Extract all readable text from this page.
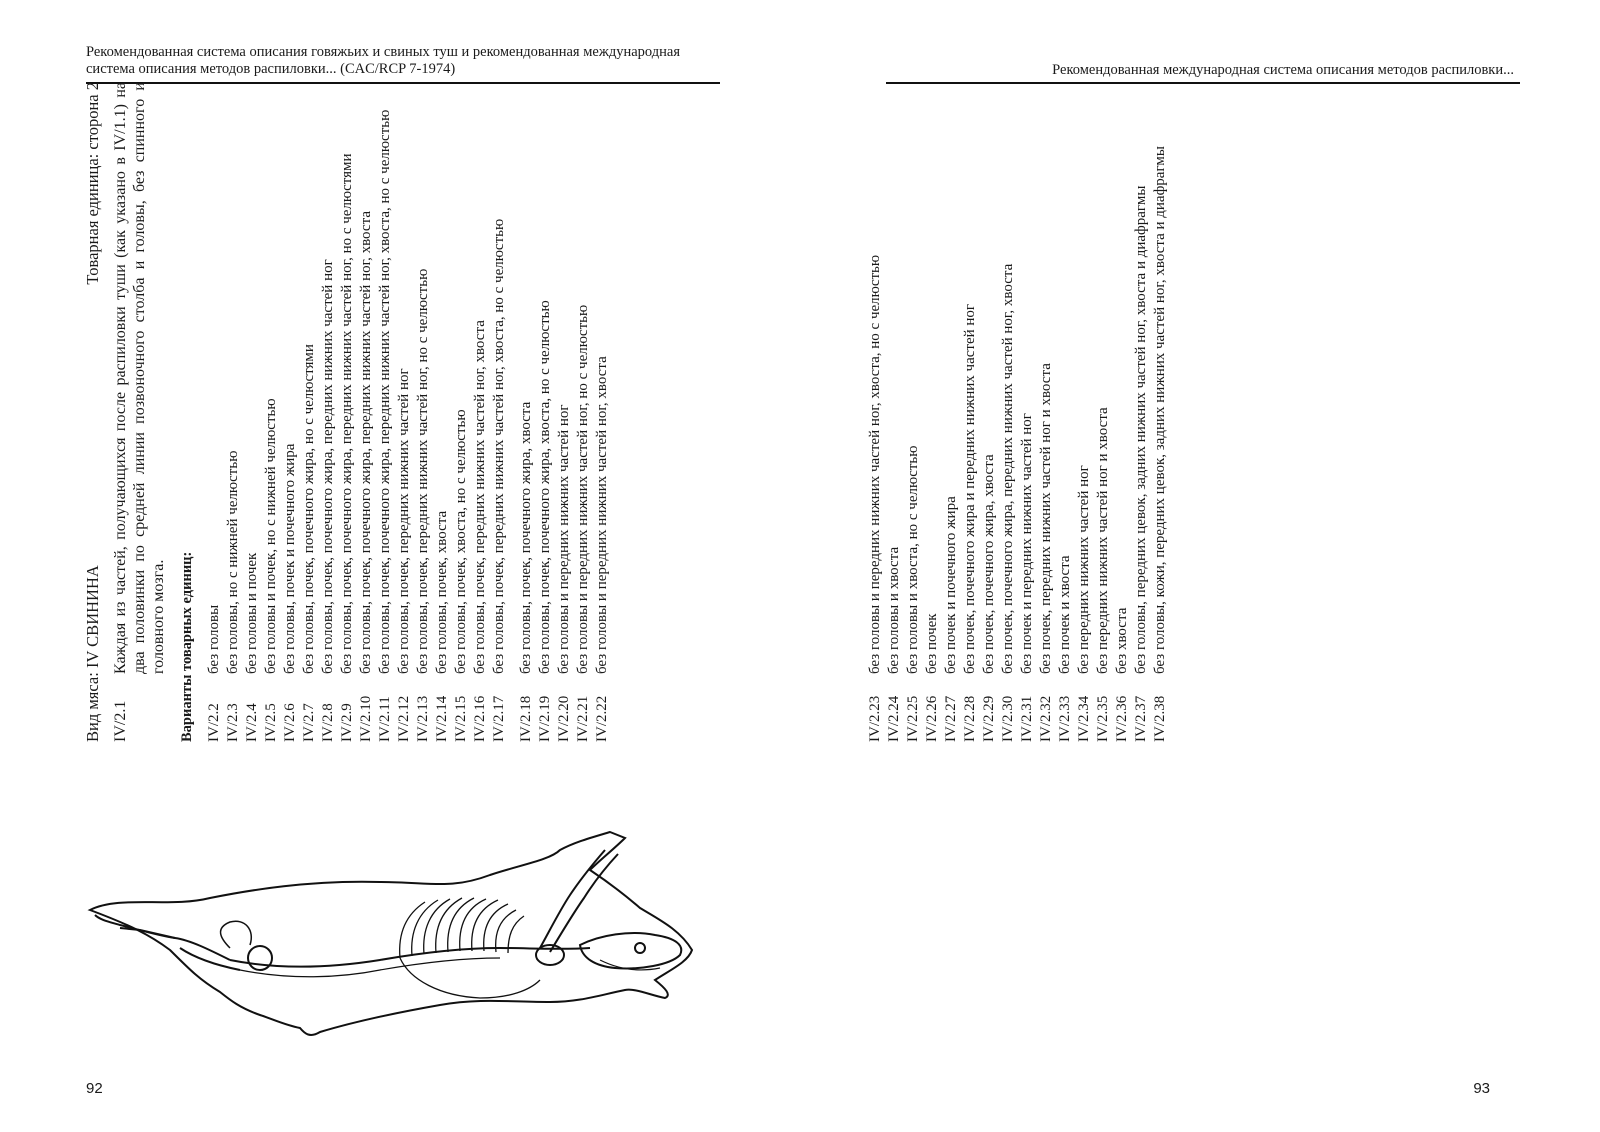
Рекомендованная система описания говяжьих и свиных туш и рекомендованная международная система описания методов распиловки... (CAC/RCP 7-1974)
Вид мяса: IV СВИНИНА
Товарная единица: сторона 2
IV/2.1
Каждая из частей, получающихся после распиловки туши (как указано в IV/1.1) на два половинки по средней линии позвоночного столба и головы, без спинного и головного мозга. Варианты товарных единиц: IV/2.2
без головы
IV/2.3
без головы, но с нижней челюстью
IV/2.4
без головы и почек
IV/2.5
без головы и почек, но с нижней челюстью
IV/2.6
без головы, почек и почечного жира
IV/2.7
без головы, почек, почечного жира, но с челюстями
IV/2.8
без головы, почек, почечного жира, передних нижних частей ног
IV/2.9
без головы, почек, почечного жира, передних нижних частей ног, но с челюстями
IV/2.10
без головы, почек, почечного жира, передних нижних частей ног, хвоста
IV/2.11
без головы, почек, почечного жира, передних нижних частей ног, хвоста, но с челюстью
IV/2.12
без головы, почек, передних нижних частей ног
IV/2.13
без головы, почек, передних нижних частей ног, но с челюстью
IV/2.14
без головы, почек, хвоста
IV/2.15
без головы, почек, хвоста, но с челюстью
IV/2.16
без головы, почек, передних нижних частей ног, хвоста
IV/2.17
без головы, почек, передних нижних частей ног, хвоста, но с челюстью
IV/2.18
без головы, почек, почечного жира, хвоста
IV/2.19
без головы, почек, почечного жира, хвоста, но с челюстью
IV/2.20
без головы и передних нижних частей ног
IV/2.21
без головы и передних нижних частей ног, но с челюстью
IV/2.22
без головы и передних нижних частей ног, хвоста
92
Рекомендованная международная система описания методов распиловки...
93
IV/2.23
без головы и передних нижних частей ног, хвоста, но с челюстью
IV/2.24
без головы и хвоста
IV/2.25
без головы и хвоста, но с челюстью
IV/2.26
без почек
IV/2.27
без почек и почечного жира
IV/2.28
без почек, почечного жира и передних нижних частей ног
IV/2.29
без почек, почечного жира, хвоста
IV/2.30
без почек, почечного жира, передних нижних частей ног, хвоста
IV/2.31
без почек и передних нижних частей ног
IV/2.32
без почек, передних нижних частей ног и хвоста
IV/2.33
без почек и хвоста
IV/2.34
без передних нижних частей ног
IV/2.35
без передних нижних частей ног и хвоста
IV/2.36
без хвоста
IV/2.37
без головы, передних цевок, задних нижних частей ног, хвоста и диафрагмы
IV/2.38
без головы, кожи, передних цевок, задних нижних частей ног, хвоста и диафрагмы
